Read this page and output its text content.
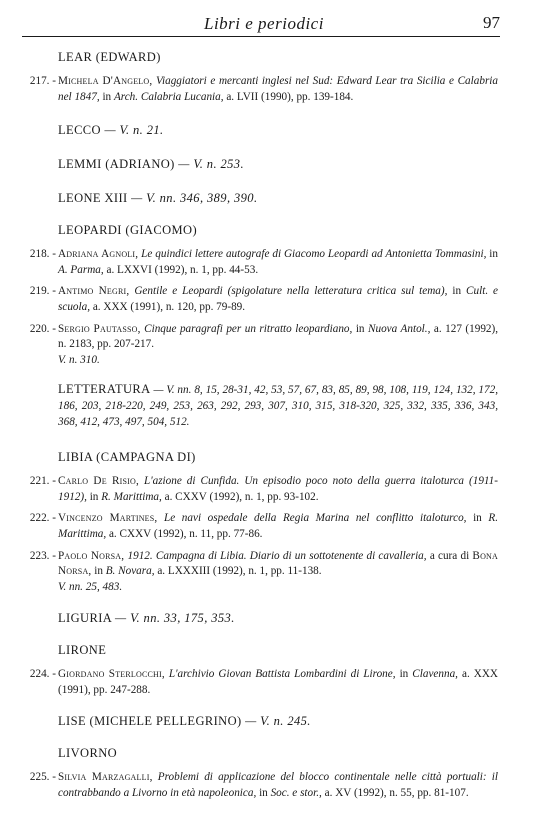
Libri e periodici	97
LEAR (EDWARD)
217. - Michela D'Angelo, Viaggiatori e mercanti inglesi nel Sud: Edward Lear tra Sicilia e Calabria nel 1847, in Arch. Calabria Lucania, a. LVII (1990), pp. 139-184.
LECCO — V. n. 21.
LEMMI (ADRIANO) — V. n. 253.
LEONE XIII — V. nn. 346, 389, 390.
LEOPARDI (GIACOMO)
218. - Adriana Agnoli, Le quindici lettere autografe di Giacomo Leopardi ad Antonietta Tommasini, in A. Parma, a. LXXVI (1992), n. 1, pp. 44-53.
219. - Antimo Negri, Gentile e Leopardi (spigolature nella letteratura critica sul tema), in Cult. e scuola, a. XXX (1991), n. 120, pp. 79-89.
220. - Sergio Pautasso, Cinque paragrafi per un ritratto leopardiano, in Nuova Antol., a. 127 (1992), n. 2183, pp. 207-217.
V. n. 310.
LETTERATURA — V. nn. 8, 15, 28-31, 42, 53, 57, 67, 83, 85, 89, 98, 108, 119, 124, 132, 172, 186, 203, 218-220, 249, 253, 263, 292, 293, 307, 310, 315, 318-320, 325, 332, 335, 336, 343, 368, 412, 473, 497, 504, 512.
LIBIA (CAMPAGNA DI)
221. - Carlo De Risio, L'azione di Cunfida. Un episodio poco noto della guerra italoturca (1911-1912), in R. Marittima, a. CXXV (1992), n. 1, pp. 93-102.
222. - Vincenzo Martines, Le navi ospedale della Regia Marina nel conflitto italoturco, in R. Marittima, a. CXXV (1992), n. 11, pp. 77-86.
223. - Paolo Norsa, 1912. Campagna di Libia. Diario di un sottotenente di cavalleria, a cura di Bona Norsa, in B. Novara, a. LXXXIII (1992), n. 1, pp. 11-138.
V. nn. 25, 483.
LIGURIA — V. nn. 33, 175, 353.
LIRONE
224. - Giordano Sterlocchi, L'archivio Giovan Battista Lombardini di Lirone, in Clavenna, a. XXX (1991), pp. 247-288.
LISE (MICHELE PELLEGRINO) — V. n. 245.
LIVORNO
225. - Silvia Marzagalli, Problemi di applicazione del blocco continentale nelle città portuali: il contrabbando a Livorno in età napoleonica, in Soc. e stor., a. XV (1992), n. 55, pp. 81-107.
